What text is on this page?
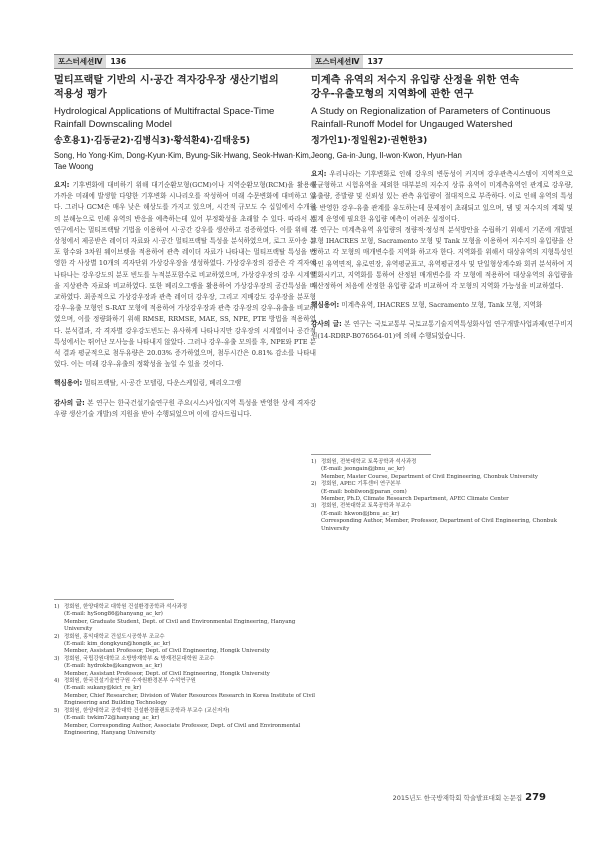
포스터세션Ⅳ 136	포스터세션Ⅳ 137
멀티프랙탈 기반의 시·공간 격자강우장 생산기법의
적용성 평가
Hydrological Applications of Multifractal Space-Time
Rainfall Downscaling Model
송호용1)·김동균2)·김병식3)·황석환4)·김태웅5)
Song, Ho Yong·Kim, Dong-Kyun·Kim, Byung-Sik·Hwang, Seok-Hwan·Kim, Tae Woong

요지: 기후변화에 대비하기 위해 대기순환모형(GCM)이나 지역순환모형(RCM)을 활용해 가까운 미래에 발생할 다양한 기후변화 시나리오를 작성하여 미래 수문변화에 대비하고 있다. 그러나 GCM은 매우 낮은 해상도를 가지고 있으며, 시간적 규모도 수 십일에서 수개월의 분해능으로 인해 유역의 반응을 예측하는데 있어 부정확성을 초래할 수 있다. 따라서 본 연구에서는 멀티프랙탈 기법을 이용하여 시·공간 강우를 생산하고 검증하였다. 이를 위해 기상청에서 제공받은 레이더 자료와 시·공간 멀티프랙탈 특성을 분석하였으며, 로그 포아송 분포 함수와 3차원 웨이브렛을 적용하여 관측 레이더 자료가 나타내는 멀티프랙탈 특성을 반영한 각 사상별 10개의 격자단위 가상강우장을 생성하였다. 가상강우장의 검증은 각 격자에 나타나는 강우강도의 분포 빈도를 누적분포함수로 비교하였으며, 가상강우장의 강우 시계열을 지상관측 자료와 비교하였다. 또한 베리오그램을 활용하여 가상강우장의 공간특성을 비교하였다. 최종적으로 가상강우장과 관측 레이더 강우장, 그리고 지배강도 강우장을 분포형 강우-유출 모형인 S-RAT 모형에 적용하여 가상강우장과 관측 강우장의 강우-유출을 비교하였으며, 이를 정량화하기 위해 RMSE, RRMSE, MAE, SS, NPE, PTE 방법을 적용하였다. 분석결과, 각 격자별 강우강도빈도는 유사하게 나타나지만 강우장의 시계열이나 공간적 특성에서는 뛰어난 모사능을 나타내지 않았다. 그러나 강우-유출 모의를 후, NPE와 PTE 분석 결과 평균적으로 첨두유량은 20.03% 증가하였으며, 첨두시간은 0.81% 감소를 나타내었다. 이는 미래 강우-유출의 정확성을 높일 수 있을 것이다.

핵심용어: 멀티프랙탈, 시·공간 모델링, 다운스케일링, 베리오그램
감사의 글: 본 연구는 한국건설기술연구원 주요(시스)사업(지역 특성을 반영한 상세 격자강우량 생산기술 개발)의 지원을 받아 수행되었으며 이에 감사드립니다.
1) 정회원, 한양대학교 대학원 건설환경공학과 석사과정
(E-mail: hySong86@hanyang_ac_kr)
Member, Graduate Student, Dept. of Civil and Environmental Engineering, Hanyang University
2) 정회원, 홍익대학교 건설도시공학부 조교수
(E-mail: kim_dongkyun@hongik_ac_kr)
Member, Assistant Professor, Dept. of Civil Engineering, Hongik University
3) 정회원, 국립강원대학교 소방방재학부 & 방재전문대학원 조교수
(E-mail: hydrokbs@kangwon_ac_kr)
Member, Assistant Professor, Dept. of Civil Engineering, Hongik University
4) 정회원, 한국건설기술연구원 수자원환경본부 수석연구원
(E-mail: sukany@kict_re_kr)
Member, Chief Researcher, Division of Water Resources Research in Korea Institute of Civil Engineering and Building Technology
5) 정회원, 한양대학교 공학대학 건설환경플랜트공학과 부교수 (교신저자)
(E-mail: twkim72@hanyang_ac_kr)
Member, Corresponding Author, Associate Professor, Dept. of Civil and Environmental Engineering, Hanyang University
미계측 유역의 저수지 유입량 산정을 위한 연속
강우-유출모형의 지역화에 관한 연구
A Study on Regionalization of Parameters of Continuous
Rainfall-Runoff Model for Ungauged Watershed
정가인1)·정일원2)·권현한3)
Jeong, Ga-in·Jung, Il-won·Kwon, Hyun-Han

요지: 우리나라는 기후변화로 인해 강우의 변동성이 커지며 강우관측시스템이 지역적으로 불균형하고 시험유역을 제외한 대부분의 저수지 상류 유역이 미계측유역인 관계로 강우량, 유출량, 증발량 및 신뢰성 있는 관측 유입량이 절대적으로 부족하다. 이로 인해 유역의 특성을 반영한 강우-유출 관계를 유도하는데 문제점이 초래되고 있으며, 댐 및 저수지의 계획 및 설계 운영에 필요한 유입량 예측이 어려운 실정이다.

본 연구는 미계측유역 유입량의 정량적·정성적 분석방안을 수립하기 위해서 기존에 개발된 모형 IHACRES 모형, Sacramento 모형 및 Tank 모형을 이용하여 저수지의 유입량을 산정하고 각 모형의 매개변수를 지역화 하고자 한다. 지역화를 위해서 대상유역의 지형특성인자인 유역면적, 유로연장, 유역평균표고, 유역평균경사 및 단일형상계수와 회귀 분석하여 지역화시키고, 지역화를 통하여 산정된 매개변수를 각 모형에 적용하여 대상유역의 유입량을 재산정하여 처음에 산정한 유입량 값과 비교하여 각 모형의 지역화 가능성을 비교하였다.

핵심용어: 미계측유역, IHACRES 모형, Sacramento 모형, Tank 모형, 지역화
감사의 글: 본 연구는 국토교통부 국토교통기술지역특성화사업 연구개발사업과제(연구비지원(14-RDRP-B076564-01)에 의해 수행되었습니다.
1) 정회원, 전북대학교 토목공학과 석사과정
(E-mail: jeongain@jbnu_ac_kr)
Member, Master Course, Department of Civil Engineering, Chonbuk University
2) 정회원, APEC 기후센터 연구본부
(E-mail: bobilwon@paran_com)
Member, Ph.D, Climate Research Department, APEC Climate Center
3) 정회원, 전북대학교 토목공학과 부교수
(E-mail: hkwon@jbnu_ac_kr)
Corresponding Author, Member, Professor, Department of Civil Engineering, Chonbuk University
2015년도 한국방재학회 학술발표대회 논문집 279
